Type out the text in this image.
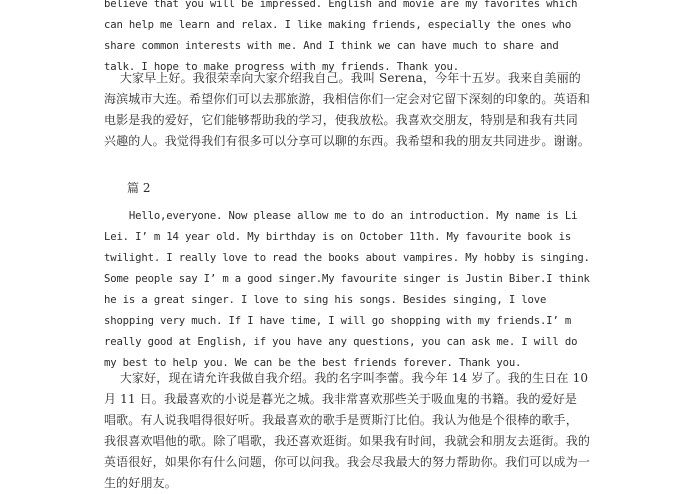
believe that you will be impressed. English and movie are my favorites which
can help me learn and relax. I like making friends, especially the ones who
share common interests with me. And I think we can have much to share and
talk. I hope to make progress with my friends. Thank you.
大家早上好。我很荣幸向大家介绍我自己。我叫 Serena，今年十五岁。我来自美丽的
海滨城市大连。希望你们可以去那旅游，我相信你们一定会对它留下深刻的印象的。英语和
电影是我的爱好，它们能够帮助我的学习，使我放松。我喜欢交朋友，特别是和我有共同
兴趣的人。我觉得我们有很多可以分享可以聊的东西。我希望和我的朋友共同进步。谢谢。
篇 2
Hello,everyone. Now please allow me to do an introduction. My name is Li
Lei. I’ m 14 year old. My birthday is on October 11th. My favourite book is
twilight. I really love to read the books about vampires. My hobby is singing.
Some people say I’ m a good singer.My favourite singer is Justin Biber.I think
he is a great singer. I love to sing his songs. Besides singing, I love
shopping very much. If I have time, I will go shopping with my friends.I’ m
really good at English, if you have any questions, you can ask me. I will do
my best to help you. We can be the best friends forever. Thank you.
大家好，现在请允许我做自我介绍。我的名字叫李蕾。我今年 14 岁了。我的生日在 10
月 11 日。我最喜欢的小说是暮光之城。我非常喜欢那些关于吸血鬼的书籍。我的爱好是
唱歌。有人说我唱得很好听。我最喜欢的歌手是贾斯汀比伯。我认为他是个很棒的歌手，
我很喜欢唱他的歌。除了唱歌，我还喜欢逛街。如果我有时间，我就会和朋友去逛街。我的
英语很好，如果你有什么问题，你可以问我。我会尽我最大的努力帮助你。我们可以成为一
生的好朋友。
